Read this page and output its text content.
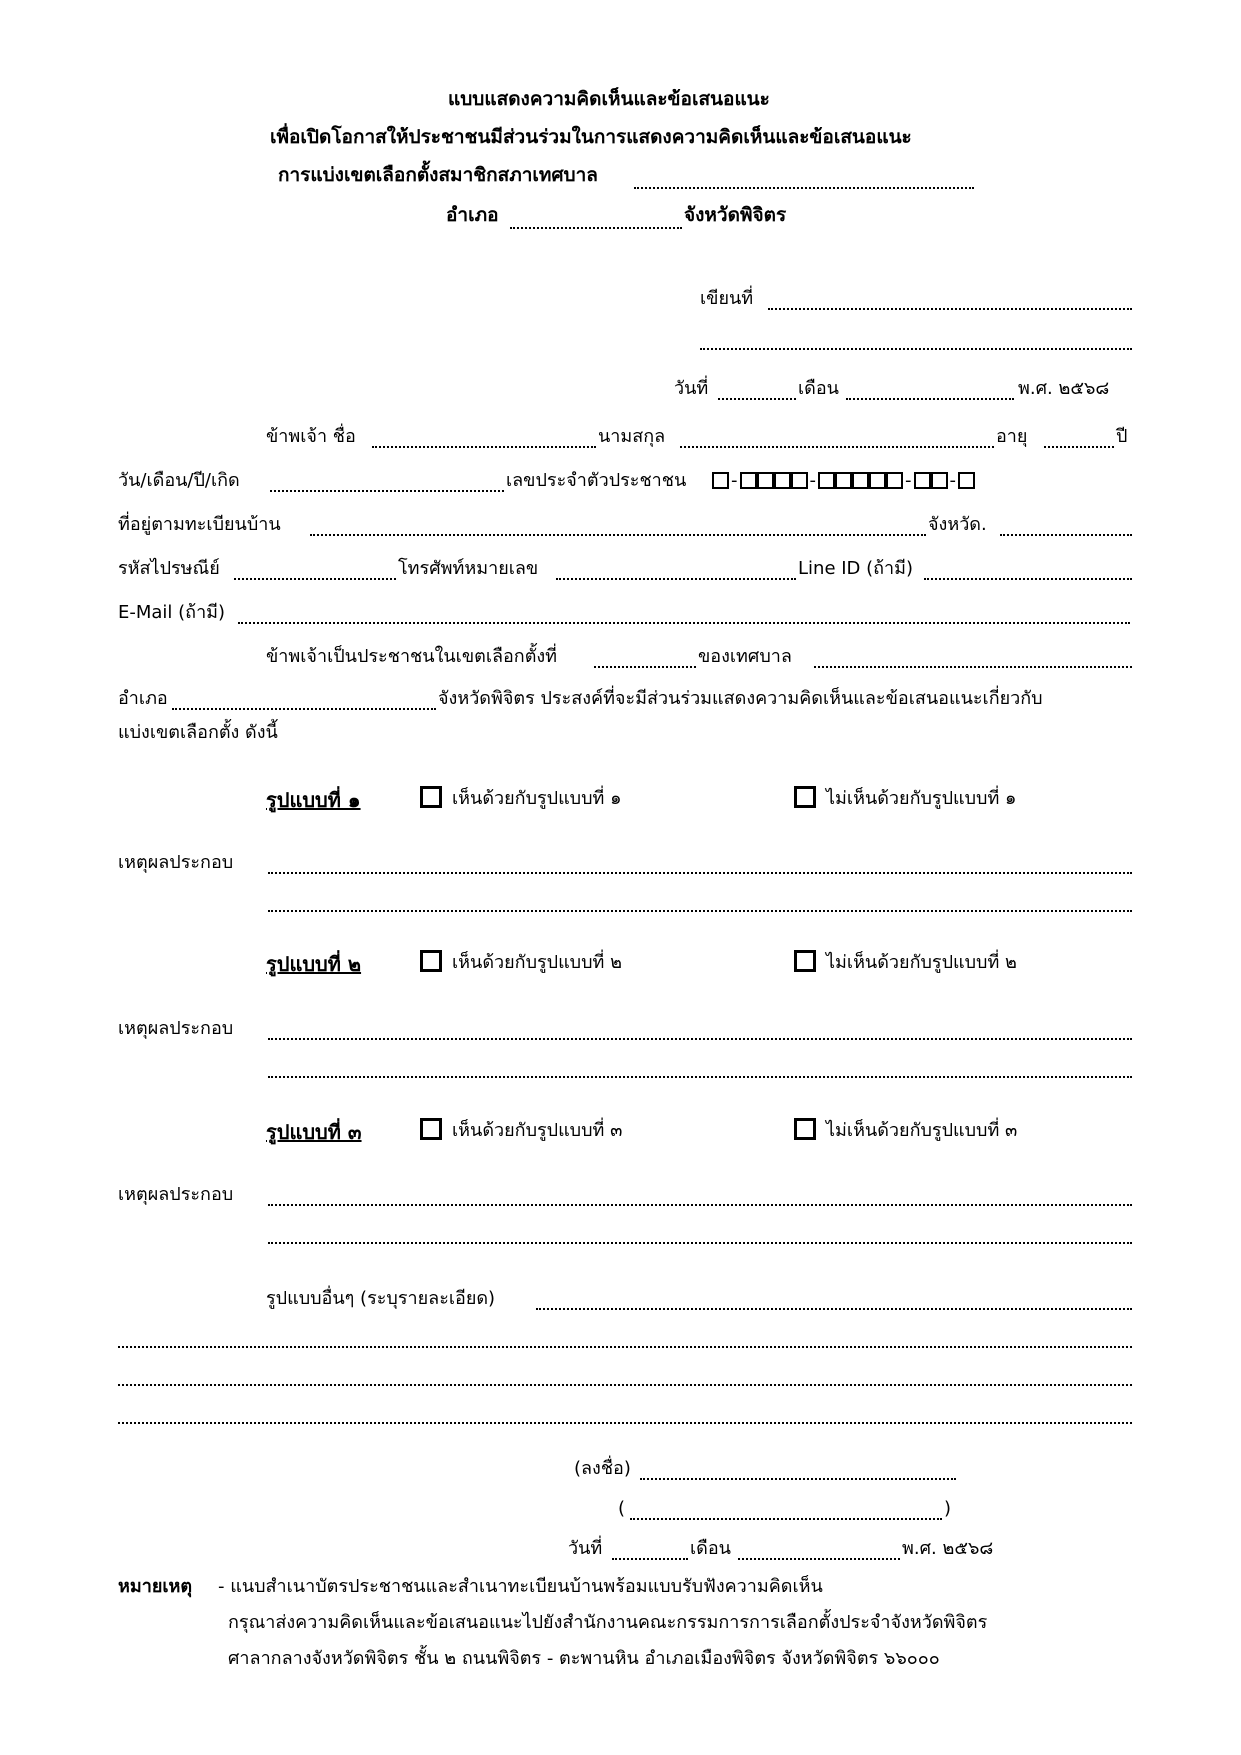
แบบแสดงความคิดเห็นและข้อเสนอแนะ
เพื่อเปิดโอกาสให้ประชาชนมีส่วนร่วมในการแสดงความคิดเห็นและข้อเสนอแนะ
การแบ่งเขตเลือกตั้งสมาชิกสภาเทศบาล
อำเภอ	จังหวัดพิจิตร
เขียนที่
วันที่	เดือน	พ.ศ. ๒๕๖๘
ข้าพเจ้า ชื่อ	นามสกุล	อายุ	ปี
วัน/เดือน/ปี/เกิด	เลขประจำตัวประชาชน -	-	- -
ที่อยู่ตามทะเบียนบ้าน	จังหวัด.
รหัสไปรษณีย์	โทรศัพท์หมายเลข	Line ID (ถ้ามี)
E-Mail (ถ้ามี)
ข้าพเจ้าเป็นประชาชนในเขตเลือกตั้งที่	ของเทศบาล
อำเภอ	จังหวัดพิจิตร ประสงค์ที่จะมีส่วนร่วมแสดงความคิดเห็นและข้อเสนอแนะเกี่ยวกับ
แบ่งเขตเลือกตั้ง ดังนี้
รูปแบบที่ ๑	เห็นด้วยกับรูปแบบที่ ๑	ไม่เห็นด้วยกับรูปแบบที่ ๑
เหตุผลประกอบ
รูปแบบที่ ๒	เห็นด้วยกับรูปแบบที่ ๒	ไม่เห็นด้วยกับรูปแบบที่ ๒
เหตุผลประกอบ
รูปแบบที่ ๓	เห็นด้วยกับรูปแบบที่ ๓	ไม่เห็นด้วยกับรูปแบบที่ ๓
เหตุผลประกอบ
รูปแบบอื่นๆ (ระบุรายละเอียด)
(ลงชื่อ)
(	)
วันที่	เดือน	พ.ศ. ๒๕๖๘
หมายเหตุ - แนบสำเนาบัตรประชาชนและสำเนาทะเบียนบ้านพร้อมแบบรับฟังความคิดเห็น
กรุณาส่งความคิดเห็นและข้อเสนอแนะไปยังสำนักงานคณะกรรมการการเลือกตั้งประจำจังหวัดพิจิตร
ศาลากลางจังหวัดพิจิตร ชั้น ๒ ถนนพิจิตร - ตะพานหิน อำเภอเมืองพิจิตร จังหวัดพิจิตร ๖๖๐๐๐
